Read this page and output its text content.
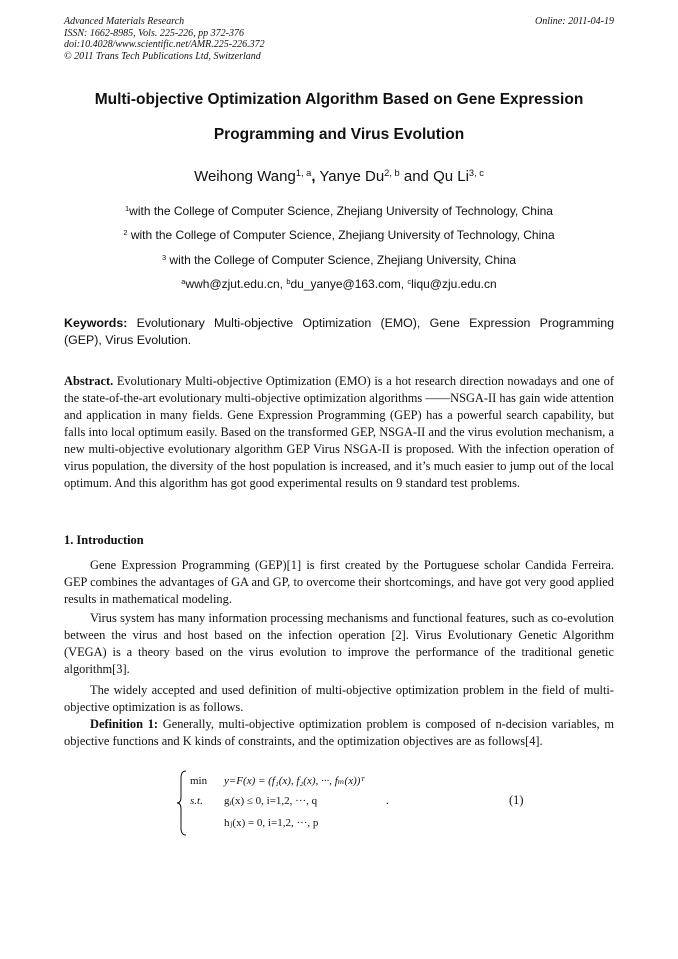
Advanced Materials Research
ISSN: 1662-8985, Vols. 225-226, pp 372-376
doi:10.4028/www.scientific.net/AMR.225-226.372
© 2011 Trans Tech Publications Ltd, Switzerland
Online: 2011-04-19
Multi-objective Optimization Algorithm Based on Gene Expression
Programming and Virus Evolution
Weihong Wang$^{1, a}$, Yanye Du$^{2, b}$ and Qu Li$^{3, c}$
$^1$with the College of Computer Science, Zhejiang University of Technology, China
$^2$ with the College of Computer Science, Zhejiang University of Technology, China
$^3$ with the College of Computer Science, Zhejiang University, China
$^a$wwh@zjut.edu.cn, $^b$du_yanye@163.com, $^c$liqu@zju.edu.cn
Keywords: Evolutionary Multi-objective Optimization (EMO), Gene Expression Programming (GEP), Virus Evolution.
Abstract. Evolutionary Multi-objective Optimization (EMO) is a hot research direction nowadays and one of the state-of-the-art evolutionary multi-objective optimization algorithms ——NSGA-II has gain wide attention and application in many fields. Gene Expression Programming (GEP) has a powerful search capability, but falls into local optimum easily. Based on the transformed GEP, NSGA-II and the virus evolution mechanism, a new multi-objective evolutionary algorithm GEP Virus NSGA-II is proposed. With the infection operation of virus population, the diversity of the host population is increased, and it’s much easier to jump out of the local optimum. And this algorithm has got good experimental results on 9 standard test problems.
1. Introduction
Gene Expression Programming (GEP)[1] is first created by the Portuguese scholar Candida Ferreira. GEP combines the advantages of GA and GP, to overcome their shortcomings, and have got very good applied results in mathematical modeling.
Virus system has many information processing mechanisms and functional features, such as co-evolution between the virus and host based on the infection operation [2]. Virus Evolutionary Genetic Algorithm (VEGA) is a theory based on the virus evolution to improve the performance of the traditional genetic algorithm[3].
The widely accepted and used definition of multi-objective optimization problem in the field of multi-objective optimization is as follows.
Definition 1: Generally, multi-objective optimization problem is composed of n-decision variables, m objective functions and K kinds of constraints, and the optimization objectives are as follows[4].
min y=F(x) = (f₁(x), f₂(x), ···, fₘ(x))ᵀ
s.t. gᵢ(x) ≤ 0, i=1,2, ···, q
hⱼ(x) = 0, i=1,2, ···, p
.	(1)
